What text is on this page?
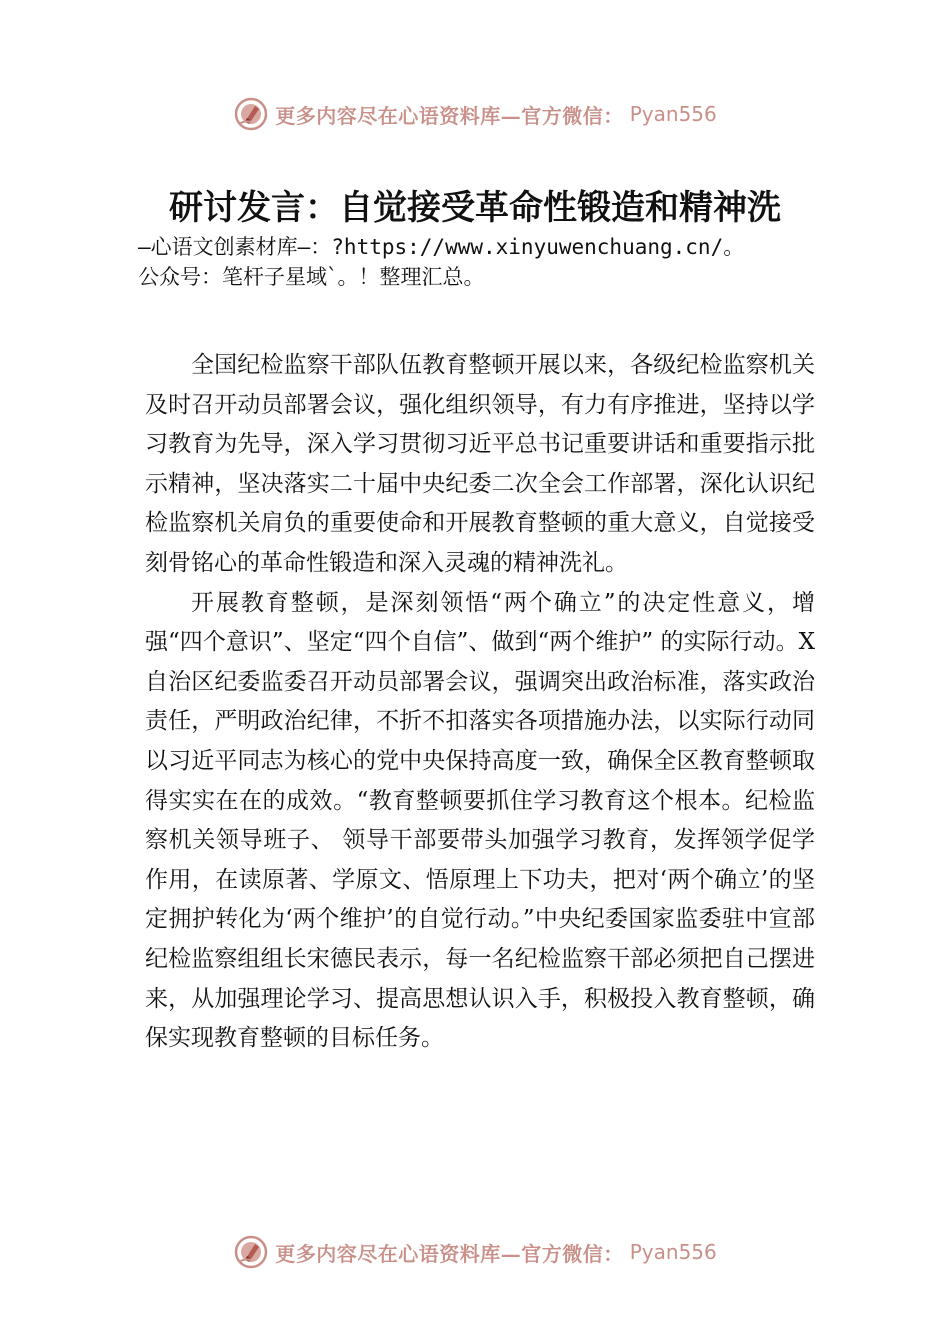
更多内容尽在心语资料库—官方微信： Pyan556
研讨发言：自觉接受革命性锻造和精神洗
—心语文创素材库—：?https://www.xinyuwenchuang.cn/。
公众号：笔杆子星域`。！整理汇总。

全国纪检监察干部队伍教育整顿开展以来，各级纪检监察机关及时召开动员部署会议，强化组织领导，有力有序推进，坚持以学习教育为先导，深入学习贯彻习近平总书记重要讲话和重要指示批示精神，坚决落实二十届中央纪委二次全会工作部署，深化认识纪检监察机关肩负的重要使命和开展教育整顿的重大意义，自觉接受刻骨铭心的革命性锻造和深入灵魂的精神洗礼。

开展教育整顿，是深刻领悟“两个确立”的决定性意义，增强“四个意识”、坚定“四个自信”、做到“两个维护” 的实际行动。X自治区纪委监委召开动员部署会议，强调突出政治标准，落实政治责任，严明政治纪律，不折不扣落实各项措施办法，以实际行动同以习近平同志为核心的党中央保持高度一致，确保全区教育整顿取得实实在在的成效。“教育整顿要抓住学习教育这个根本。纪检监察机关领导班子、 领导干部要带头加强学习教育，发挥领学促学作用，在读原著、学原文、悟原理上下功夫，把对‘两个确立’的坚定拥护转化为‘两个维护’的自觉行动。”中央纪委国家监委驻中宣部纪检监察组组长宋德民表示，每一名纪检监察干部必须把自己摆进来，从加强理论学习、提高思想认识入手，积极投入教育整顿，确保实现教育整顿的目标任务。

更多内容尽在心语资料库—官方微信： Pyan556
